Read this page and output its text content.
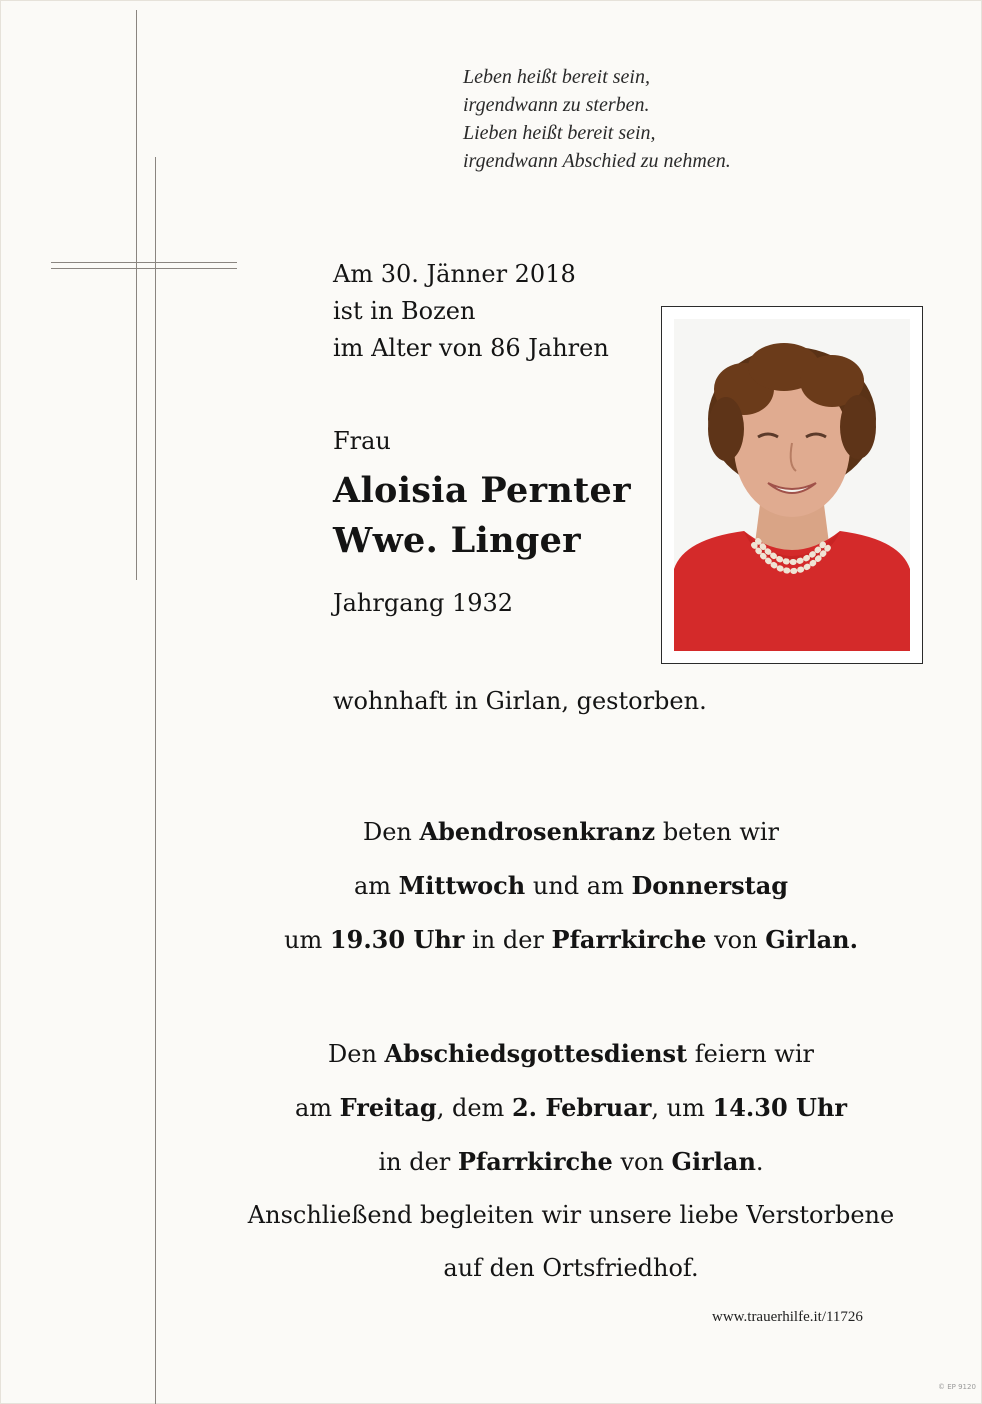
Leben heißt bereit sein,
irgendwann zu sterben.
Lieben heißt bereit sein,
irgendwann Abschied zu nehmen.
Am 30. Jänner 2018
ist in Bozen
im Alter von 86 Jahren
Frau
Aloisia Pernter
Wwe. Linger
Jahrgang 1932
wohnhaft in Girlan, gestorben.
Den Abendrosenkranz beten wir
am Mittwoch und am Donnerstag
um 19.30 Uhr in der Pfarrkirche von Girlan.
Den Abschiedsgottesdienst feiern wir
am Freitag, dem 2. Februar, um 14.30 Uhr
in der Pfarrkirche von Girlan.
Anschließend begleiten wir unsere liebe Verstorbene
auf den Ortsfriedhof.
www.trauerhilfe.it/11726
© EP 9120
